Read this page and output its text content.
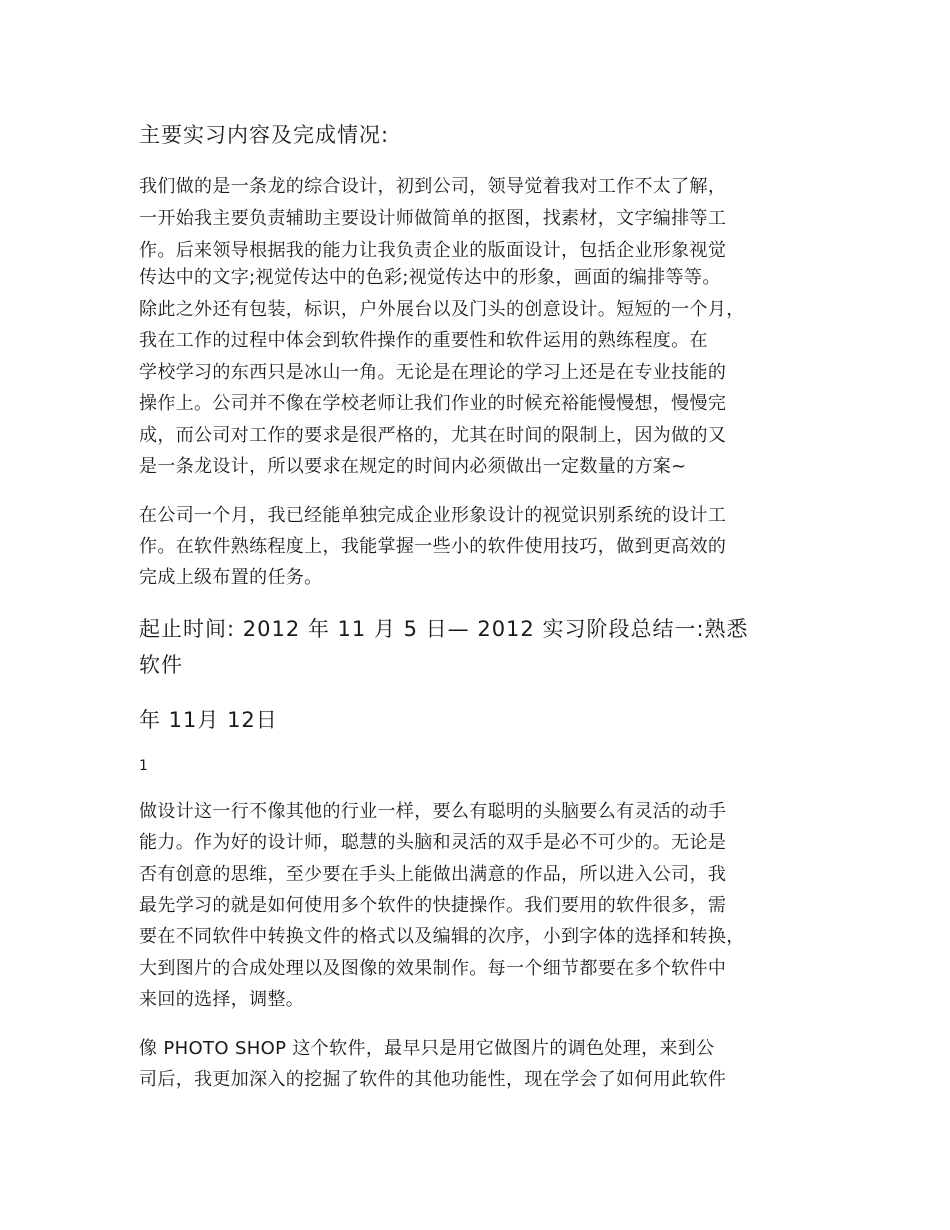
主要实习内容及完成情况:
我们做的是一条龙的综合设计，初到公司，领导觉着我对工作不太了解，
一开始我主要负责辅助主要设计师做简单的抠图，找素材，文字编排等工
作。后来领导根据我的能力让我负责企业的版面设计，包括企业形象视觉
传达中的文字;视觉传达中的色彩;视觉传达中的形象，画面的编排等等。
除此之外还有包装，标识，户外展台以及门头的创意设计。短短的一个月，
我在工作的过程中体会到软件操作的重要性和软件运用的熟练程度。在
学校学习的东西只是冰山一角。无论是在理论的学习上还是在专业技能的
操作上。公司并不像在学校老师让我们作业的时候充裕能慢慢想，慢慢完
成，而公司对工作的要求是很严格的，尤其在时间的限制上，因为做的又
是一条龙设计，所以要求在规定的时间内必须做出一定数量的方案~
在公司一个月，我已经能单独完成企业形象设计的视觉识别系统的设计工
作。在软件熟练程度上，我能掌握一些小的软件使用技巧，做到更高效的
完成上级布置的任务。
起止时间: 2012 年 11 月 5 日— 2012 实习阶段总结一:熟悉
软件
年 11月 12日
1
做设计这一行不像其他的行业一样，要么有聪明的头脑要么有灵活的动手
能力。作为好的设计师，聪慧的头脑和灵活的双手是必不可少的。无论是
否有创意的思维，至少要在手头上能做出满意的作品，所以进入公司，我
最先学习的就是如何使用多个软件的快捷操作。我们要用的软件很多，需
要在不同软件中转换文件的格式以及编辑的次序，小到字体的选择和转换，
大到图片的合成处理以及图像的效果制作。每一个细节都要在多个软件中
来回的选择，调整。
像 PHOTO SHOP 这个软件，最早只是用它做图片的调色处理，来到公
司后，我更加深入的挖掘了软件的其他功能性，现在学会了如何用此软件
